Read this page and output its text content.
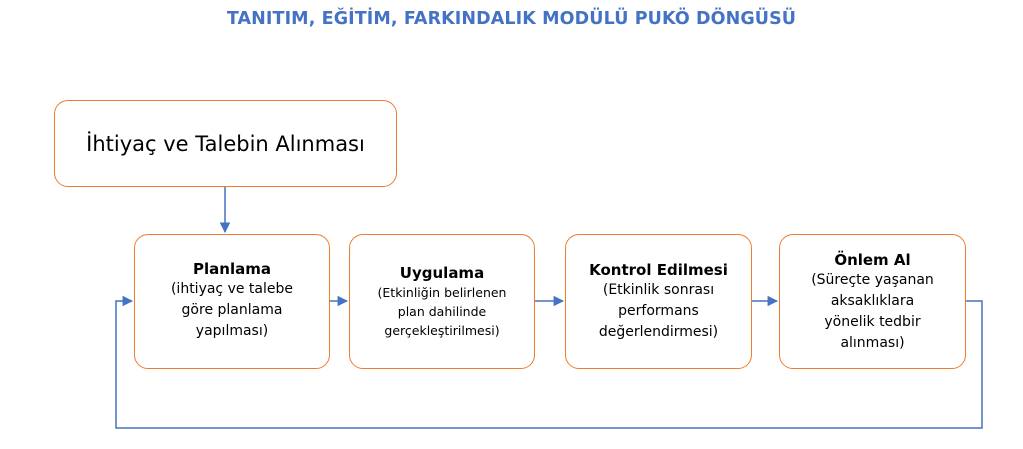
TANITIM, EĞİTİM, FARKINDALIK MODÜLÜ PUKÖ DÖNGÜSÜ
İhtiyaç ve Talebin Alınması
Planlama
(ihtiyaç ve talebe
göre planlama
yapılması)
Uygulama
(Etkinliğin belirlenen
plan dahilinde
gerçekleştirilmesi)
Kontrol Edilmesi
(Etkinlik sonrası
performans
değerlendirmesi)
Önlem Al
(Süreçte yaşanan
aksaklıklara
yönelik tedbir
alınması)
